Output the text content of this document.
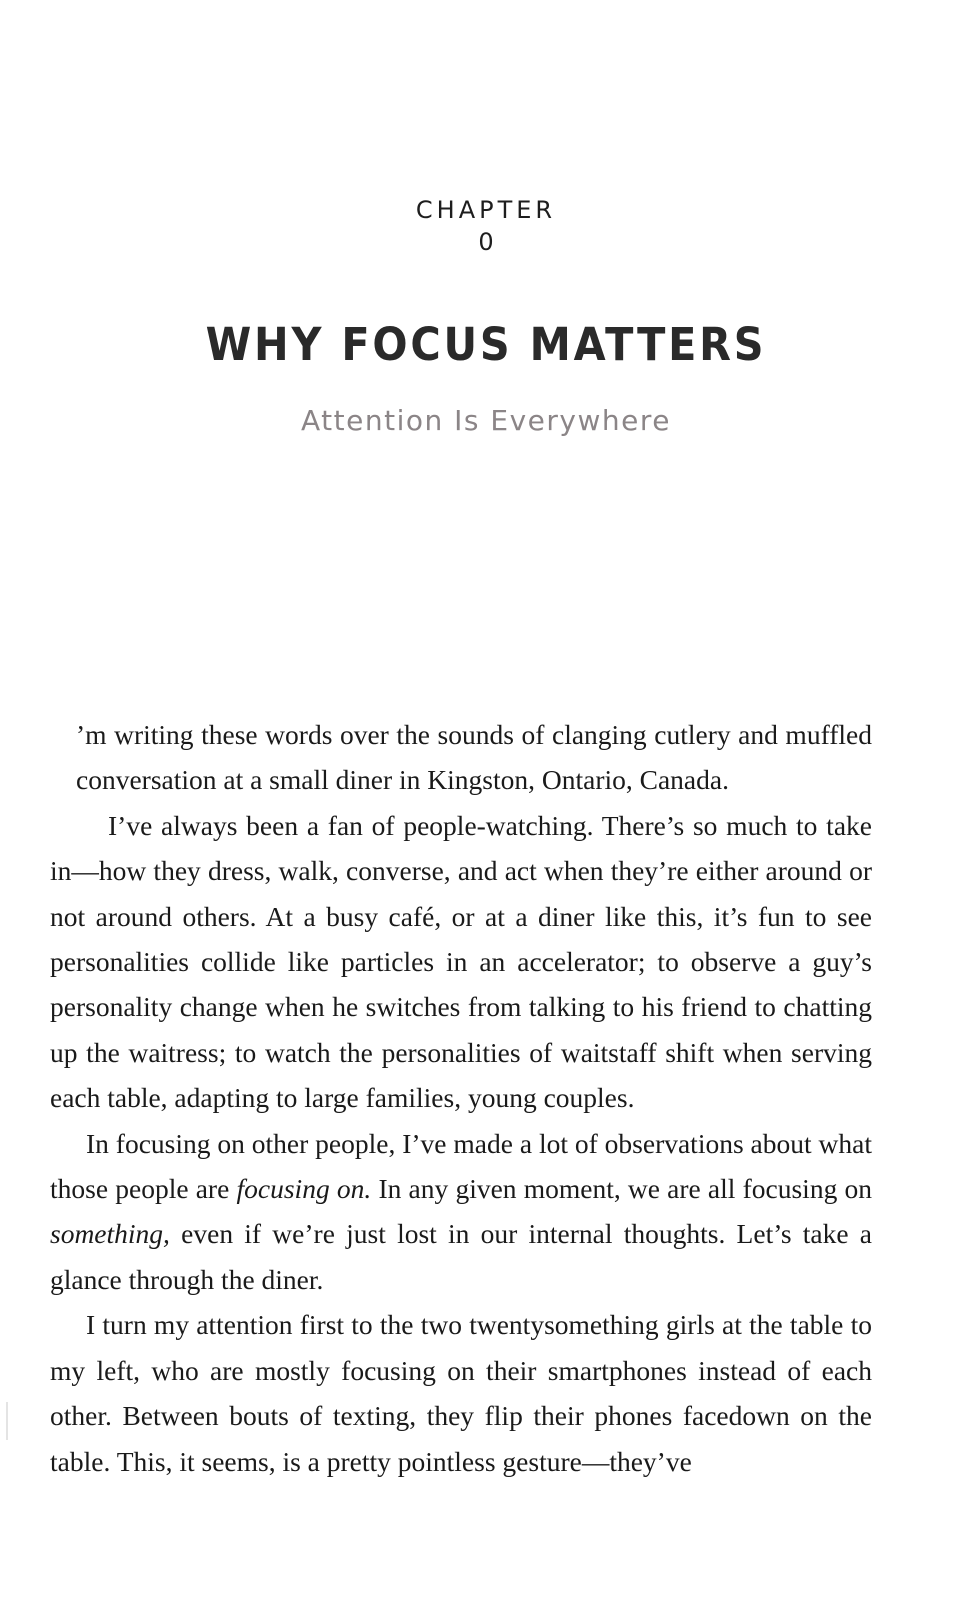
CHAPTER
0
WHY FOCUS MATTERS
Attention Is Everywhere

’m writing these words over the sounds of clanging cutlery and muffled conversation at a small diner in Kingston, Ontario, Canada.

I’ve always been a fan of people-watching. There’s so much to take in—how they dress, walk, converse, and act when they’re either around or not around others. At a busy café, or at a diner like this, it’s fun to see personalities collide like particles in an accelerator; to observe a guy’s personality change when he switches from talking to his friend to chatting up the waitress; to watch the personalities of waitstaff shift when serving each table, adapting to large families, young couples.

In focusing on other people, I’ve made a lot of observations about what those people are focusing on. In any given moment, we are all focusing on something, even if we’re just lost in our internal thoughts. Let’s take a glance through the diner.

I turn my attention first to the two twentysomething girls at the table to my left, who are mostly focusing on their smartphones instead of each other. Between bouts of texting, they flip their phones facedown on the table. This, it seems, is a pretty pointless gesture—they’ve
